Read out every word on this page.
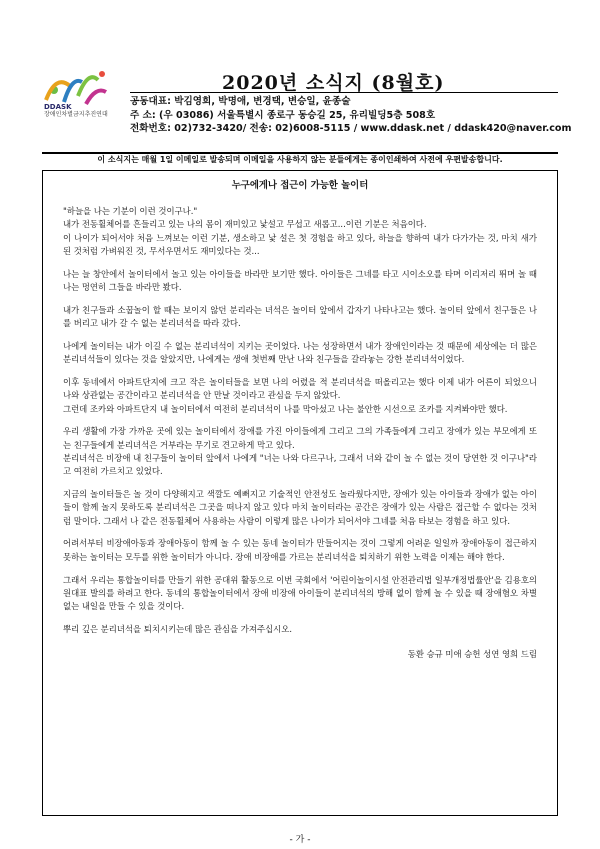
DDASK
장애인차별금지추진연대
2020년 소식지 (8월호)
공동대표: 박김영희, 박명애, 변경택, 변승일, 윤종술
주 소: (우 03086) 서울특별시 종로구 동승길 25, 유리빌딩5층 508호
전화번호: 02)732-3420/ 전송: 02)6008-5115 / www.ddask.net / ddask420@naver.com
이 소식지는 매월 1일 이메일로 발송되며 이메일을 사용하지 않는 분들에게는 종이인쇄하여 사전에 우편발송합니다.
누구에게나 접근이 가능한 놀이터

"하늘을 나는 기분이 이런 것이구나."
내가 전동휠체어를 흔들리고 있는 나의 몸이 재미있고 낯설고 무섭고 새롭고...이런 기분은 처음이다.
이 나이가 되어서야 처음 느껴보는 이런 기분, 생소하고 낯 설은 첫 경험을 하고 있다, 하늘을 향하여 내가 다가가는 것, 마치 새가 된 것처럼 가벼워진 것, 무서우면서도 재미있다는 것...

나는 늘 창안에서 놀이터에서 놀고 있는 아이들을 바라만 보기만 했다. 아이들은 그네를 타고 시이소오를 타며 이리저리 뛰며 놀 때 나는 멍연히 그들을 바라만 봤다.

내가 친구들과 소꿉놀이 할 때는 보이지 않던 분리라는 녀석은 놀이터 앞에서 갑자기 나타나고는 했다. 놀이터 앞에서 친구들은 나를 버리고 내가 갈 수 없는 분리녀석을 따라 갔다.

나에게 놀이터는 내가 이길 수 없는 분리녀석이 지키는 곳이었다. 나는 성장하면서 내가 장애인이라는 것 때문에 세상에는 더 많은 분리녀석들이 있다는 것을 알았지만, 나에게는 생애 첫번째 만난 나와 친구들을 갈라놓는 강한 분리녀석이었다.

이후 동네에서 아파트단지에 크고 작은 놀이터들을 보면 나의 어렸을 적 분리녀석을 떠올리고는 했다 이제 내가 어른이 되었으니 나와 상관없는 공간이라고 분리녀석을 안 만날 것이라고 관심을 두지 않았다.
그런데 조카와 아파트단지 내 놀이터에서 여전히 분리녀석이 나를 막아섰고 나는 불안한 시선으로 조카를 지켜봐야만 했다.

우리 생활에 가장 가까운 곳에 있는 놀이터에서 장애를 가진 아이들에게 그리고 그의 가족들에게 그리고 장애가 있는 부모에게 또는 친구들에게 분리녀석은 거부라는 무기로 견고하게 막고 있다.
분리녀석은 비장애 내 친구들이 놀이터 앞에서 나에게 "너는 나와 다르구나, 그래서 너와 같이 놀 수 없는 것이 당연한 것 이구나"라고 여전히 가르치고 있었다.

지금의 놀이터들은 놀 것이 다양해지고 색깔도 예뻐지고 기술적인 안전성도 놀라웠다지만, 장애가 있는 아이들과 장애가 없는 아이들이 함께 놀지 못하도록 분리녀석은 그곳을 떠나지 않고 있다 마치 놀이터라는 공간은 장애가 있는 사람은 접근할 수 없다는 것처럼 말이다. 그래서 나 같은 전동휠체어 사용하는 사람이 이렇게 많은 나이가 되어서야 그네를 처음 타보는 경험을 하고 있다.

어려서부터 비장애아동과 장애아동이 함께 놀 수 있는 동네 놀이터가 만들어지는 것이 그렇게 어려운 일일까 장애아동이 접근하지 못하는 놀이터는 모두를 위한 놀이터가 아니다. 장애 비장애를 가르는 분리녀석을 퇴치하기 위한 노력을 이제는 해야 한다.

그래서 우리는 통합놀이터를 만들기 위한 공대위 활동으로 이번 국회에서 '어린이놀이시설 안전관리법 일부개정법률안'을 김용호의원대표 발의를 하려고 한다. 동네의 통합놀이터에서 장애 비장애 아이들이 분리녀석의 방해 없이 함께 놀 수 있을 때 장애혐오 차별 없는 내일을 만들 수 있을 것이다.

뿌리 깊은 분리녀석을 퇴치시키는데 많은 관심을 가져주십시오.

동환 승규 미애 승헌 성연 영희 드림

- 가 -
